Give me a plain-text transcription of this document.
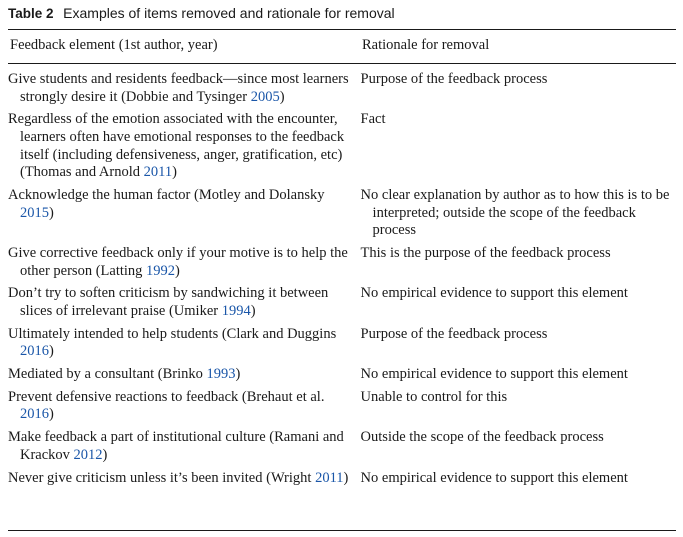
Table 2 Examples of items removed and rationale for removal
Feedback element (1st author, year)	Rationale for removal
Give students and residents feedback—since most learners strongly desire it (Dobbie and Tysinger 2005)
Purpose of the feedback process
Regardless of the emotion associated with the encounter, learners often have emotional responses to the feedback itself (including defensiveness, anger, gratification, etc) (Thomas and Arnold 2011)
Fact
Acknowledge the human factor (Motley and Dolansky 2015)
No clear explanation by author as to how this is to be interpreted; outside the scope of the feedback process
Give corrective feedback only if your motive is to help the other person (Latting 1992)
This is the purpose of the feedback process
Don’t try to soften criticism by sandwiching it between slices of irrelevant praise (Umiker 1994)
No empirical evidence to support this element
Ultimately intended to help students (Clark and Duggins 2016)
Purpose of the feedback process
Mediated by a consultant (Brinko 1993)	No empirical evidence to support this element
Prevent defensive reactions to feedback (Brehaut et al. 2016)
Unable to control for this
Make feedback a part of institutional culture (Ramani and Krackov 2012)
Outside the scope of the feedback process
Never give criticism unless it’s been invited (Wright 2011) No empirical evidence to support this element
